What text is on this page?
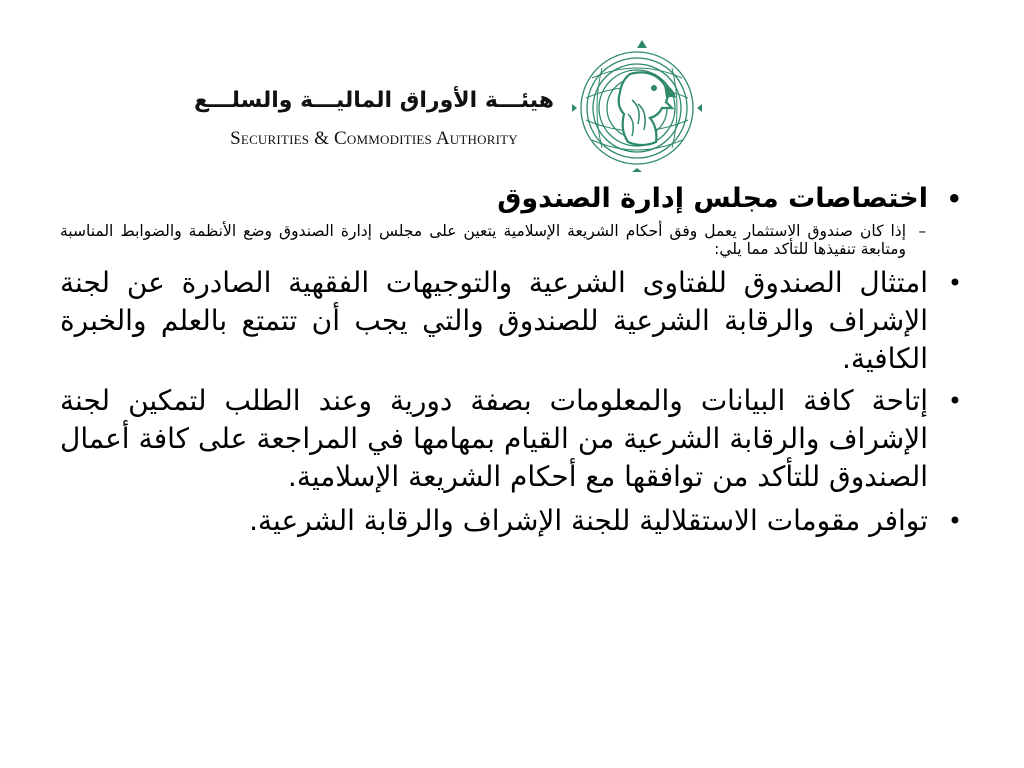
هيئـــة الأوراق الماليـــة والسلـــع
Securities & Commodities Authority
•
اختصاصات مجلس إدارة الصندوق
–
إذا كان صندوق الاستثمار يعمل وفق أحكام الشريعة الإسلامية يتعين على مجلس إدارة الصندوق وضع الأنظمة والضوابط المناسبة ومتابعة تنفيذها للتأكد مما يلي:
•
امتثال الصندوق للفتاوى الشرعية والتوجيهات الفقهية الصادرة عن لجنة الإشراف والرقابة الشرعية للصندوق والتي يجب أن تتمتع بالعلم والخبرة الكافية.
•
إتاحة كافة البيانات والمعلومات بصفة دورية وعند الطلب لتمكين لجنة الإشراف والرقابة الشرعية من القيام بمهامها في المراجعة على كافة أعمال الصندوق للتأكد من توافقها مع أحكام الشريعة الإسلامية.
•
توافر مقومات الاستقلالية للجنة الإشراف والرقابة الشرعية.
